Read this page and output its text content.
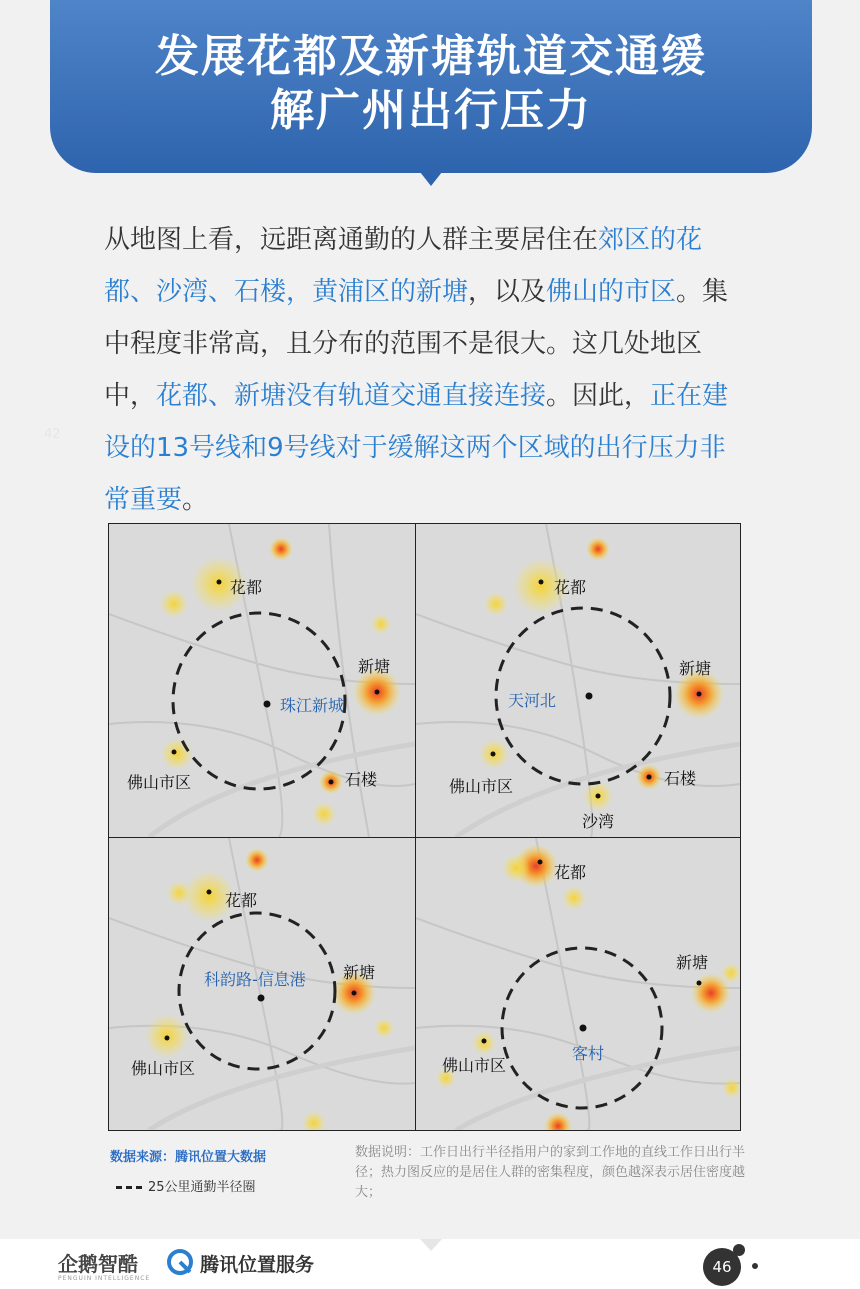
发展花都及新塘轨道交通缓
解广州出行压力
42
从地图上看，远距离通勤的人群主要居住在郊区的花都、沙湾、石楼，黄浦区的新塘，以及佛山的市区。集中程度非常高，且分布的范围不是很大。这几处地区中，花都、新塘没有轨道交通直接连接。因此，正在建设的13号线和9号线对于缓解这两个区域的出行压力非常重要。
珠江新城
花都
新塘
佛山市区	石楼
天河北
花都
新塘
佛山市区	石楼
沙湾
科韵路-信息港
花都
新塘
佛山市区
客村
花都
新塘
佛山市区
数据来源：腾讯位置大数据
25公里通勤半径圈
数据说明：工作日出行半径指用户的家到工作地的直线工作日出行半径；热力图反应的是居住人群的密集程度，颜色越深表示居住密度越大；
企鹅智酷
PENGUIN INTELLIGENCE
腾讯位置服务	46
